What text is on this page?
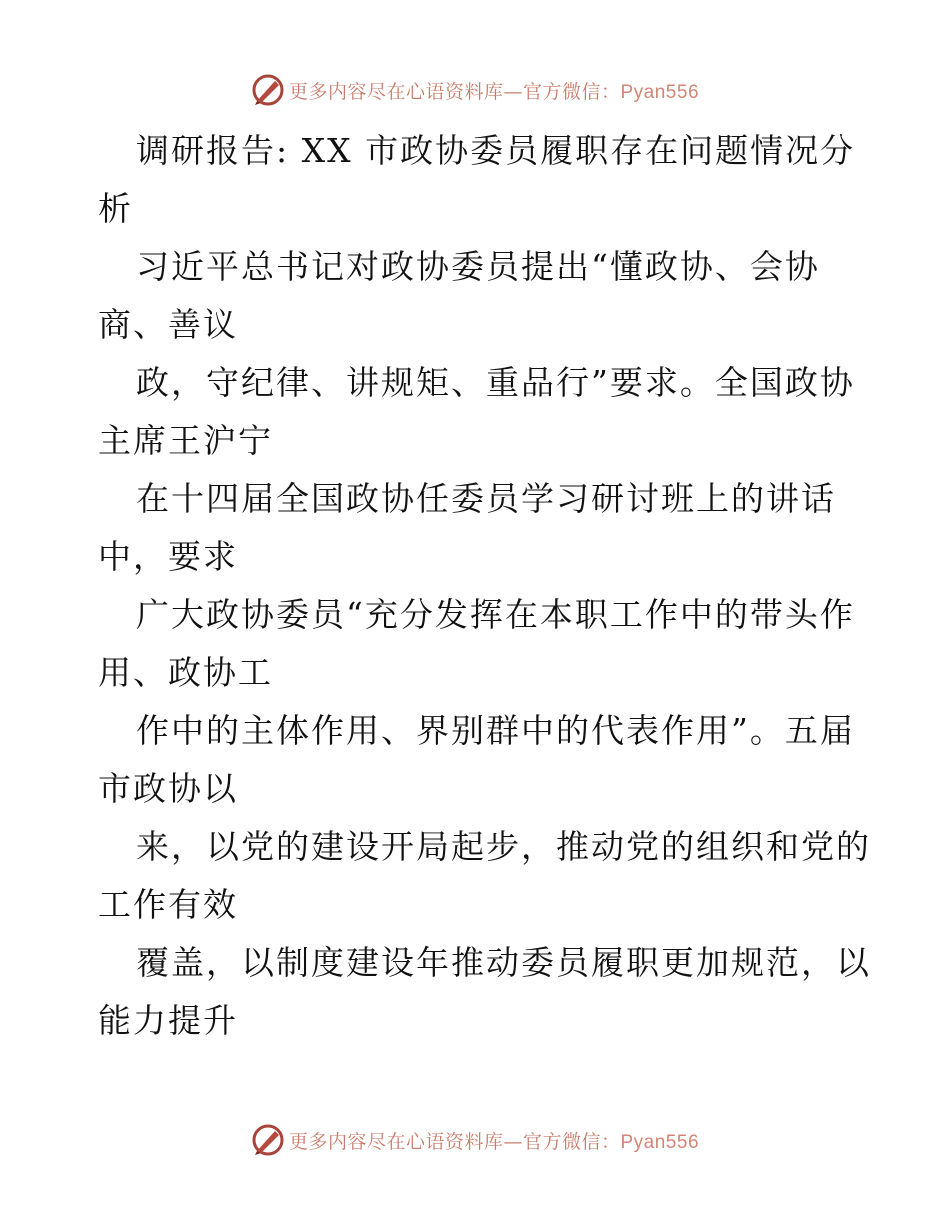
更多内容尽在心语资料库—官方微信：Pyan556
调研报告: XX 市政协委员履职存在问题情况分
析
习近平总书记对政协委员提出“懂政协、会协
商、善议
政，守纪律、讲规矩、重品行”要求。全国政协
主席王沪宁
在十四届全国政协任委员学习研讨班上的讲话
中，要求
广大政协委员“充分发挥在本职工作中的带头作
用、政协工
作中的主体作用、界别群中的代表作用”。五届
市政协以
来，以党的建设开局起步，推动党的组织和党的
工作有效
覆盖，以制度建设年推动委员履职更加规范，以
能力提升
更多内容尽在心语资料库—官方微信：Pyan556
